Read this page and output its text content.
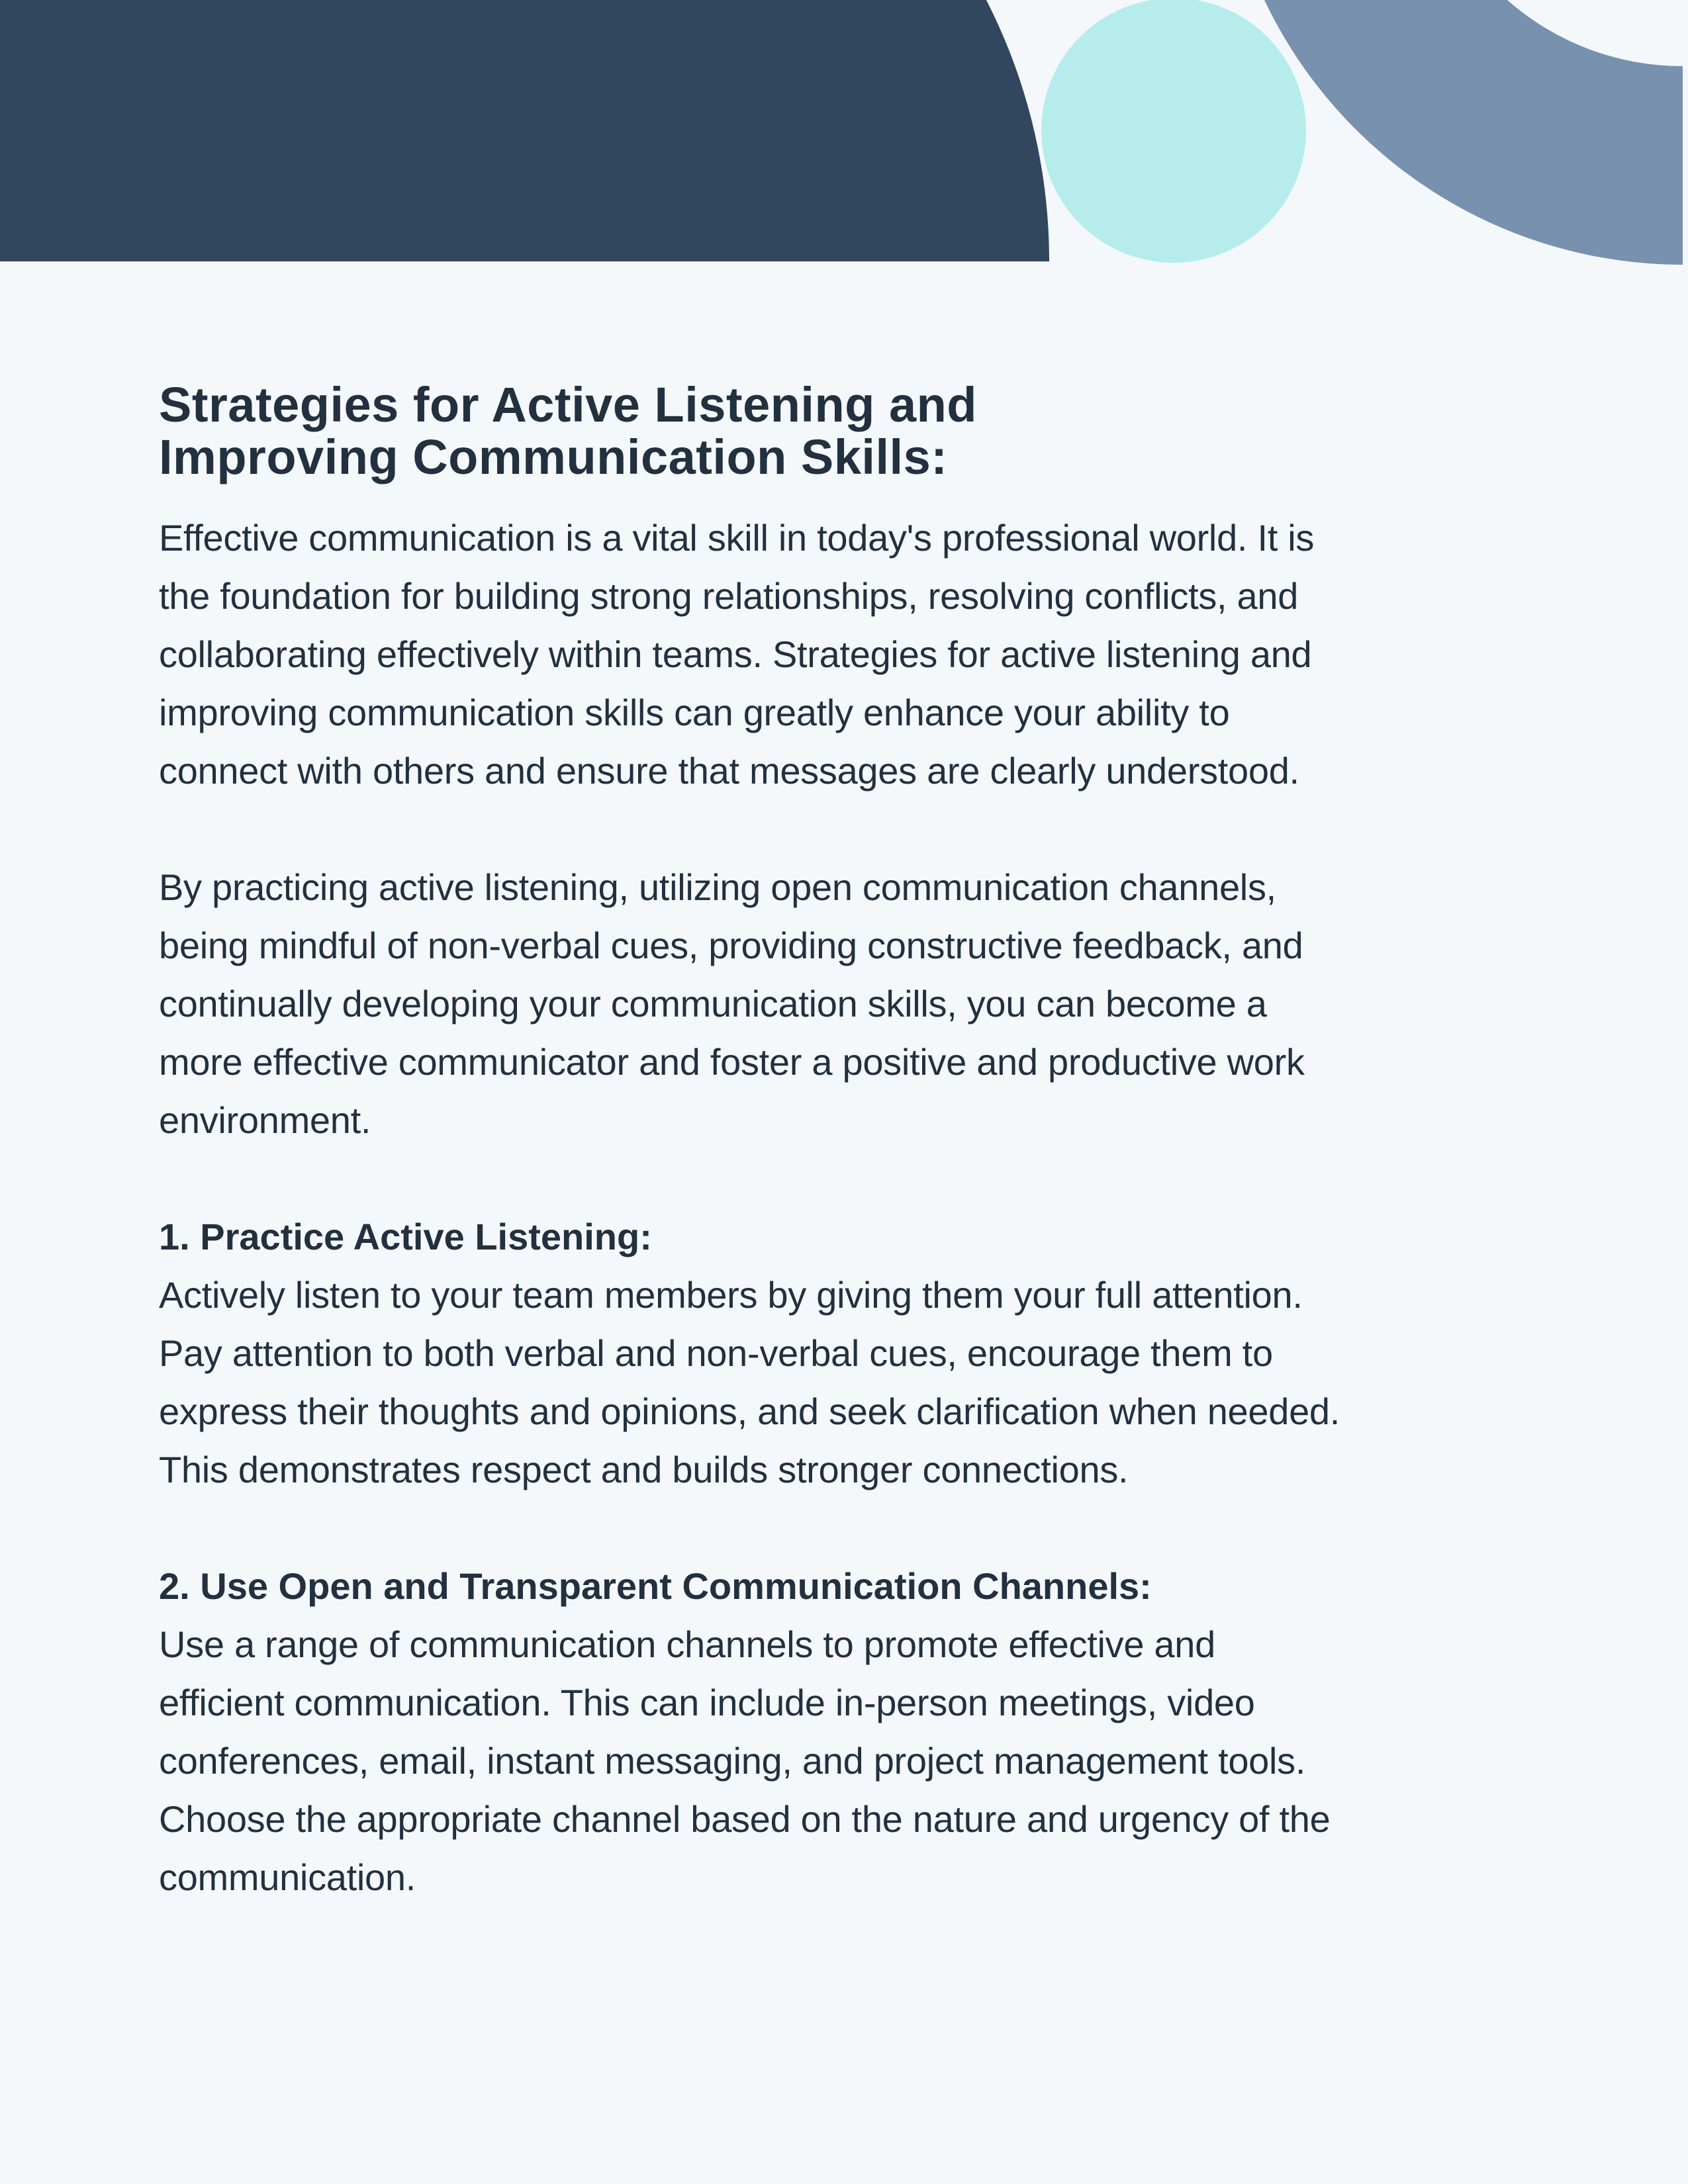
Strategies for Active Listening and
Improving Communication Skills:
Effective communication is a vital skill in today's professional world. It is
the foundation for building strong relationships, resolving conflicts, and
collaborating effectively within teams. Strategies for active listening and
improving communication skills can greatly enhance your ability to
connect with others and ensure that messages are clearly understood.
By practicing active listening, utilizing open communication channels,
being mindful of non-verbal cues, providing constructive feedback, and
continually developing your communication skills, you can become a
more effective communicator and foster a positive and productive work
environment.
1. Practice Active Listening:
Actively listen to your team members by giving them your full attention.
Pay attention to both verbal and non-verbal cues, encourage them to
express their thoughts and opinions, and seek clarification when needed.
This demonstrates respect and builds stronger connections.
2. Use Open and Transparent Communication Channels:
Use a range of communication channels to promote effective and
efficient communication. This can include in-person meetings, video
conferences, email, instant messaging, and project management tools.
Choose the appropriate channel based on the nature and urgency of the
communication.
